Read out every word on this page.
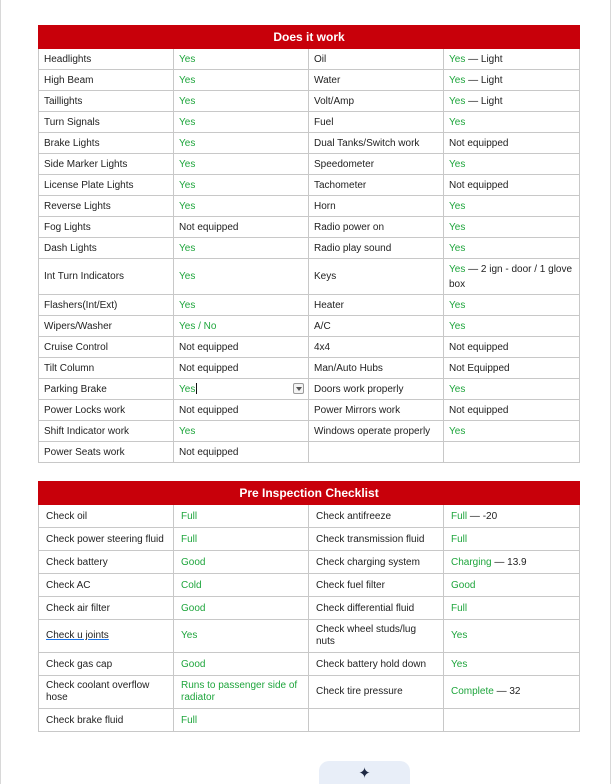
Does it work			
Headlights	Yes	Oil	Yes — Light
High Beam	Yes	Water	Yes — Light
Taillights	Yes	Volt/Amp	Yes — Light
Turn Signals	Yes	Fuel	Yes
Brake Lights	Yes	Dual Tanks/Switch work	Not equipped
Side Marker Lights	Yes	Speedometer	Yes
License Plate Lights	Yes	Tachometer	Not equipped
Reverse Lights	Yes	Horn	Yes
Fog Lights	Not equipped	Radio power on	Yes
Dash Lights	Yes	Radio play sound	Yes
Int Turn Indicators	Yes	Keys	Yes — 2 ign - door / 1 glove box
Flashers(Int/Ext)	Yes	Heater	Yes
Wipers/Washer	Yes / No	A/C	Yes
Cruise Control	Not equipped	4x4	Not equipped
Tilt Column	Not equipped	Man/Auto Hubs	Not Equipped
Parking Brake	Yes	Doors work properly	Yes
Power Locks work	Not equipped	Power Mirrors work	Not equipped
Shift Indicator work	Yes	Windows operate properly	Yes
Power Seats work	Not equipped		
Pre Inspection Checklist			
Check oil	Full	Check antifreeze	Full — -20
Check power steering fluid	Full	Check transmission fluid	Full
Check battery	Good	Check charging system	Charging — 13.9
Check AC	Cold	Check fuel filter	Good
Check air filter	Good	Check differential fluid	Full
Check u joints	Yes	Check wheel studs/lug nuts	Yes
Check gas cap	Good	Check battery hold down	Yes
Check coolant overflow hose	Runs to passenger side of radiator	Check tire pressure	Complete — 32
Check brake fluid	Full		
✦
